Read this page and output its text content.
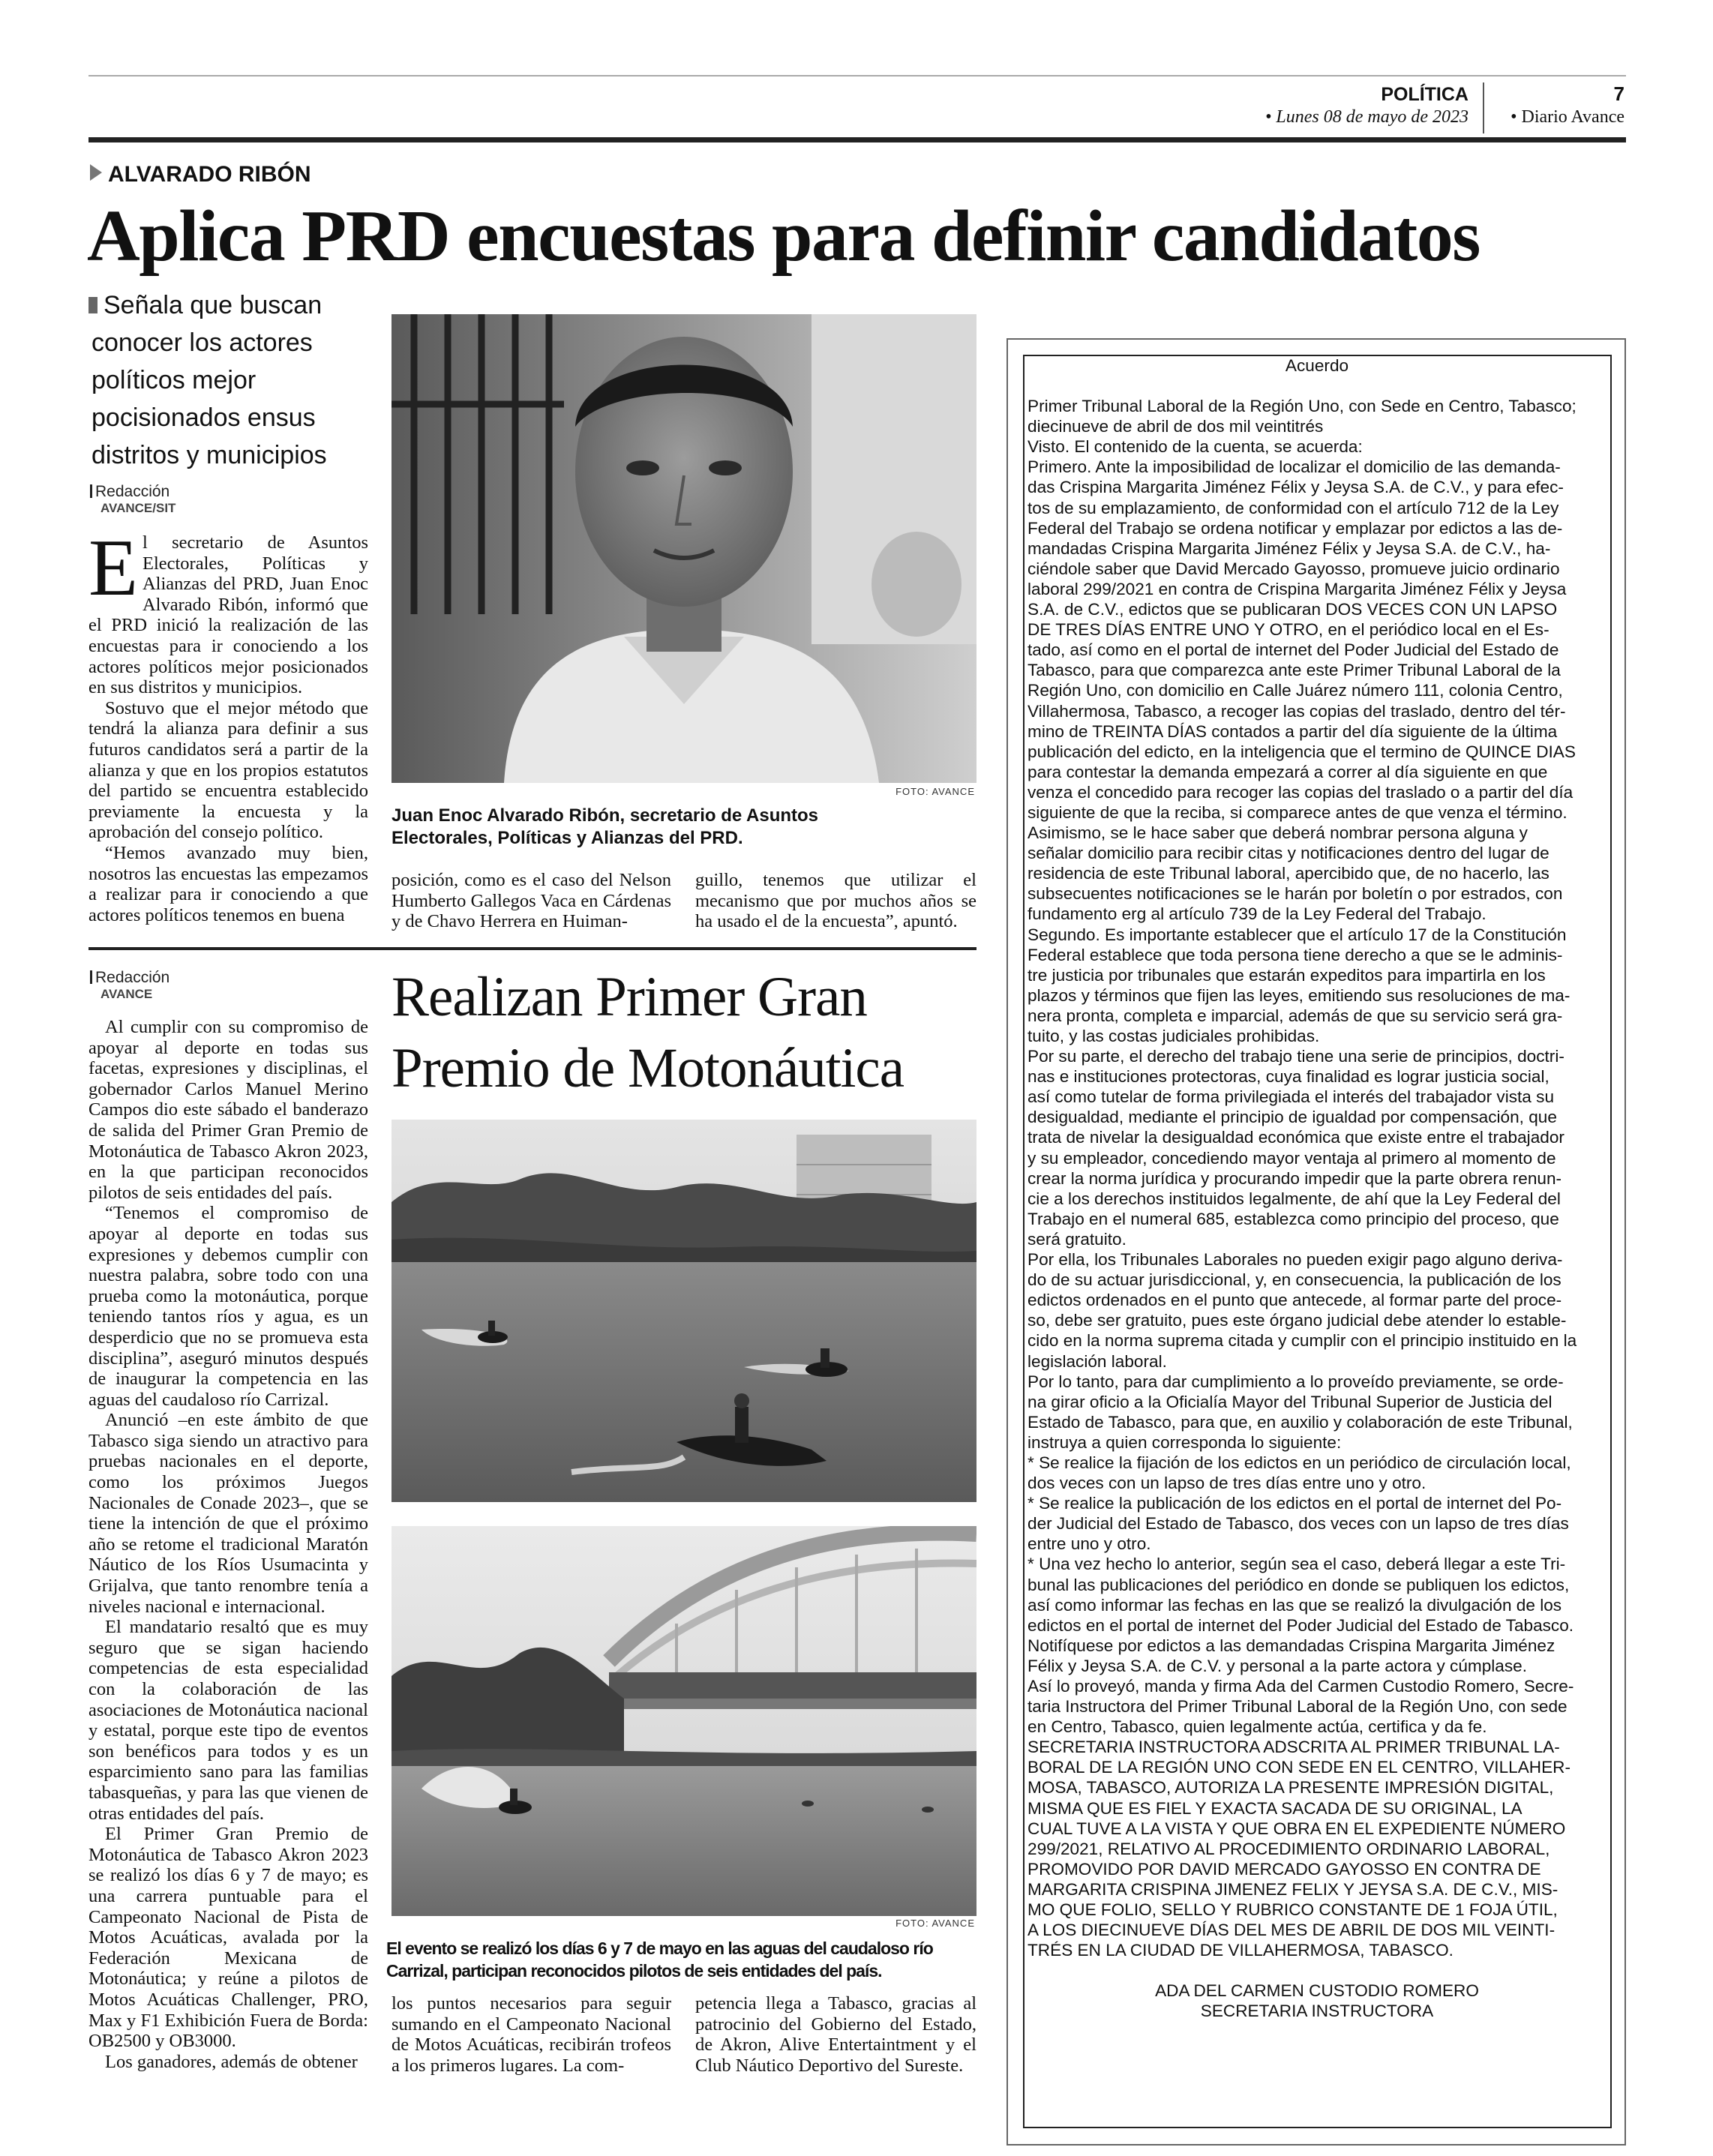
POLÍTICA
• Lunes 08 de mayo de 2023
7
• Diario Avance
ALVARADO RIBÓN
Aplica PRD encuestas para definir candidatos
Señala que buscan
conocer los actores
políticos mejor
pocisionados ensus
distritos y municipios
Redacción
AVANCE/SIT
E l secretario de Asuntos Electorales, Políticas y Alianzas del PRD, Juan Enoc Alvarado Ribón, informó que el PRD inició la realización de las encuestas para ir conociendo a los actores políticos mejor posicionados en sus distritos y municipios.

Sostuvo que el mejor método que tendrá la alianza para definir a sus futuros candidatos será a partir de la alianza y que en los propios estatutos del partido se encuentra establecido previamente la encuesta y la aprobación del consejo político.

“Hemos avanzado muy bien, nosotros las encuestas las empezamos a realizar para ir conociendo a que actores políticos tenemos en buena

FOTO: AVANCE
Juan Enoc Alvarado Ribón, secretario de Asuntos Electorales, Políticas y Alianzas del PRD.

posición, como es el caso del Nelson Humberto Gallegos Vaca en Cárdenas y de Chavo Herrera en Huiman-

guillo, tenemos que utilizar el mecanismo que por muchos años se ha usado el de la encuesta”, apuntó.

Redacción
AVANCE

Al cumplir con su compromiso de apoyar al deporte en todas sus facetas, expresiones y disciplinas, el gobernador Carlos Manuel Merino Campos dio este sábado el banderazo de salida del Primer Gran Premio de Motonáutica de Tabasco Akron 2023, en la que participan reconocidos pilotos de seis entidades del país.

“Tenemos el compromiso de apoyar al deporte en todas sus expresiones y debemos cumplir con nuestra palabra, sobre todo con una prueba como la motonáutica, porque teniendo tantos ríos y agua, es un desperdicio que no se promueva esta disciplina”, aseguró minutos después de inaugurar la competencia en las aguas del caudaloso río Carrizal.

Anunció –en este ámbito de que Tabasco siga siendo un atractivo para pruebas nacionales en el deporte, como los próximos Juegos Nacionales de Conade 2023–, que se tiene la intención de que el próximo año se retome el tradicional Maratón Náutico de los Ríos Usumacinta y Grijalva, que tanto renombre tenía a niveles nacional e internacional.

El mandatario resaltó que es muy seguro que se sigan haciendo competencias de esta especialidad con la colaboración de las asociaciones de Motonáutica nacional y estatal, porque este tipo de eventos son benéficos para todos y es un esparcimiento sano para las familias tabasqueñas, y para las que vienen de otras entidades del país.

El Primer Gran Premio de Motonáutica de Tabasco Akron 2023 se realizó los días 6 y 7 de mayo; es una carrera puntuable para el Campeonato Nacional de Pista de Motos Acuáticas, avalada por la Federación Mexicana de Motonáutica; y reúne a pilotos de Motos Acuáticas Challenger, PRO, Max y F1 Exhibición Fuera de Borda: OB2500 y OB3000.

Los ganadores, además de obtener

Realizan Primer Gran
Premio de Motonáutica
FOTO: AVANCE
El evento se realizó los días 6 y 7 de mayo en las aguas del caudaloso río
Carrizal, participan reconocidos pilotos de seis entidades del país.

los puntos necesarios para seguir sumando en el Campeonato Nacional de Motos Acuáticas, recibirán trofeos a los primeros lugares. La com-

petencia llega a Tabasco, gracias al patrocinio del Gobierno del Estado, de Akron, Alive Entertaintment y el Club Náutico Deportivo del Sureste.

Acuerdo
Primer Tribunal Laboral de la Región Uno, con Sede en Centro, Tabasco;
diecinueve de abril de dos mil veintitrés
Visto. El contenido de la cuenta, se acuerda:
Primero. Ante la imposibilidad de localizar el domicilio de las demanda-
das Crispina Margarita Jiménez Félix y Jeysa S.A. de C.V., y para efec-
tos de su emplazamiento, de conformidad con el artículo 712 de la Ley
Federal del Trabajo se ordena notificar y emplazar por edictos a las de-
mandadas Crispina Margarita Jiménez Félix y Jeysa S.A. de C.V., ha-
ciéndole saber que David Mercado Gayosso, promueve juicio ordinario
laboral 299/2021 en contra de Crispina Margarita Jiménez Félix y Jeysa
S.A. de C.V., edictos que se publicaran DOS VECES CON UN LAPSO
DE TRES DÍAS ENTRE UNO Y OTRO, en el periódico local en el Es-
tado, así como en el portal de internet del Poder Judicial del Estado de
Tabasco, para que comparezca ante este Primer Tribunal Laboral de la
Región Uno, con domicilio en Calle Juárez número 111, colonia Centro,
Villahermosa, Tabasco, a recoger las copias del traslado, dentro del tér-
mino de TREINTA DÍAS contados a partir del día siguiente de la última
publicación del edicto, en la inteligencia que el termino de QUINCE DIAS
para contestar la demanda empezará a correr al día siguiente en que
venza el concedido para recoger las copias del traslado o a partir del día
siguiente de que la reciba, si comparece antes de que venza el término.
Asimismo, se le hace saber que deberá nombrar persona alguna y
señalar domicilio para recibir citas y notificaciones dentro del lugar de
residencia de este Tribunal laboral, apercibido que, de no hacerlo, las
subsecuentes notificaciones se le harán por boletín o por estrados, con
fundamento erg al artículo 739 de la Ley Federal del Trabajo.
Segundo. Es importante establecer que el artículo 17 de la Constitución
Federal establece que toda persona tiene derecho a que se le adminis-
tre justicia por tribunales que estarán expeditos para impartirla en los
plazos y términos que fijen las leyes, emitiendo sus resoluciones de ma-
nera pronta, completa e imparcial, además de que su servicio será gra-
tuito, y las costas judiciales prohibidas.
Por su parte, el derecho del trabajo tiene una serie de principios, doctri-
nas e instituciones protectoras, cuya finalidad es lograr justicia social,
así como tutelar de forma privilegiada el interés del trabajador vista su
desigualdad, mediante el principio de igualdad por compensación, que
trata de nivelar la desigualdad económica que existe entre el trabajador
y su empleador, concediendo mayor ventaja al primero al momento de
crear la norma jurídica y procurando impedir que la parte obrera renun-
cie a los derechos instituidos legalmente, de ahí que la Ley Federal del
Trabajo en el numeral 685, establezca como principio del proceso, que
será gratuito.
Por ella, los Tribunales Laborales no pueden exigir pago alguno deriva-
do de su actuar jurisdiccional, y, en consecuencia, la publicación de los
edictos ordenados en el punto que antecede, al formar parte del proce-
so, debe ser gratuito, pues este órgano judicial debe atender lo estable-
cido en la norma suprema citada y cumplir con el principio instituido en la
legislación laboral.
Por lo tanto, para dar cumplimiento a lo proveído previamente, se orde-
na girar oficio a la Oficialía Mayor del Tribunal Superior de Justicia del
Estado de Tabasco, para que, en auxilio y colaboración de este Tribunal,
instruya a quien corresponda lo siguiente:
* Se realice la fijación de los edictos en un periódico de circulación local,
dos veces con un lapso de tres días entre uno y otro.
* Se realice la publicación de los edictos en el portal de internet del Po-
der Judicial del Estado de Tabasco, dos veces con un lapso de tres días
entre uno y otro.
* Una vez hecho lo anterior, según sea el caso, deberá llegar a este Tri-
bunal las publicaciones del periódico en donde se publiquen los edictos,
así como informar las fechas en las que se realizó la divulgación de los
edictos en el portal de internet del Poder Judicial del Estado de Tabasco.
Notifíquese por edictos a las demandadas Crispina Margarita Jiménez
Félix y Jeysa S.A. de C.V. y personal a la parte actora y cúmplase.
Así lo proveyó, manda y firma Ada del Carmen Custodio Romero, Secre-
taria Instructora del Primer Tribunal Laboral de la Región Uno, con sede
en Centro, Tabasco, quien legalmente actúa, certifica y da fe.
SECRETARIA INSTRUCTORA ADSCRITA AL PRIMER TRIBUNAL LA-
BORAL DE LA REGIÓN UNO CON SEDE EN EL CENTRO, VILLAHER-
MOSA, TABASCO, AUTORIZA LA PRESENTE IMPRESIÓN DIGITAL,
MISMA QUE ES FIEL Y EXACTA SACADA DE SU ORIGINAL, LA
CUAL TUVE A LA VISTA Y QUE OBRA EN EL EXPEDIENTE NÚMERO
299/2021, RELATIVO AL PROCEDIMIENTO ORDINARIO LABORAL,
PROMOVIDO POR DAVID MERCADO GAYOSSO EN CONTRA DE
MARGARITA CRISPINA JIMENEZ FELIX Y JEYSA S.A. DE C.V., MIS-
MO QUE FOLIO, SELLO Y RUBRICO CONSTANTE DE 1 FOJA ÚTIL,
A LOS DIECINUEVE DÍAS DEL MES DE ABRIL DE DOS MIL VEINTI-
TRÉS EN LA CIUDAD DE VILLAHERMOSA, TABASCO.
ADA DEL CARMEN CUSTODIO ROMERO
SECRETARIA INSTRUCTORA
